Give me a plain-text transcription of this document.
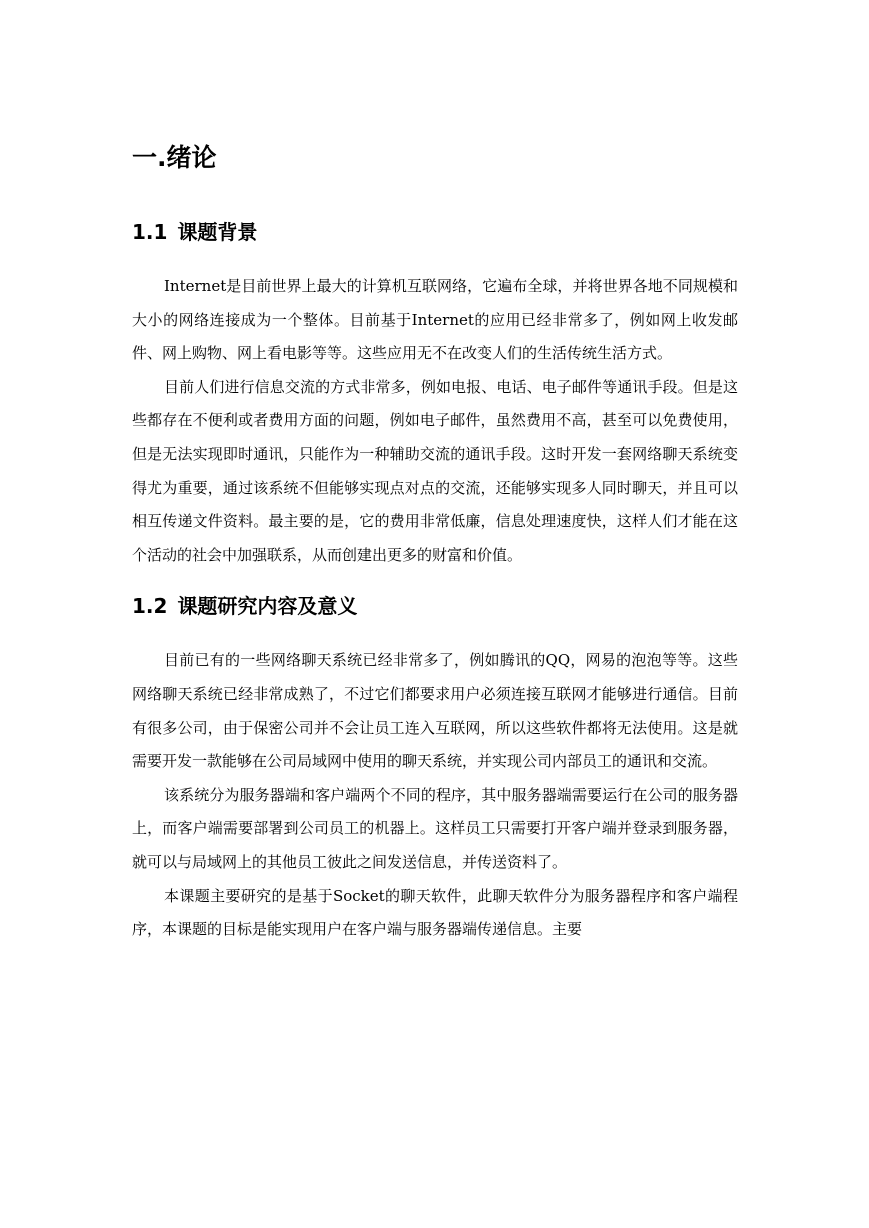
一.绪论
1.1 课题背景

Internet是目前世界上最大的计算机互联网络，它遍布全球，并将世界各地不同规模和大小的网络连接成为一个整体。目前基于Internet的应用已经非常多了，例如网上收发邮件、网上购物、网上看电影等等。这些应用无不在改变人们的生活传统生活方式。

目前人们进行信息交流的方式非常多，例如电报、电话、电子邮件等通讯手段。但是这些都存在不便利或者费用方面的问题，例如电子邮件，虽然费用不高，甚至可以免费使用，但是无法实现即时通讯，只能作为一种辅助交流的通讯手段。这时开发一套网络聊天系统变得尤为重要，通过该系统不但能够实现点对点的交流，还能够实现多人同时聊天，并且可以相互传递文件资料。最主要的是，它的费用非常低廉，信息处理速度快，这样人们才能在这个活动的社会中加强联系，从而创建出更多的财富和价值。

1.2 课题研究内容及意义

目前已有的一些网络聊天系统已经非常多了，例如腾讯的QQ，网易的泡泡等等。这些网络聊天系统已经非常成熟了，不过它们都要求用户必须连接互联网才能够进行通信。目前有很多公司，由于保密公司并不会让员工连入互联网，所以这些软件都将无法使用。这是就需要开发一款能够在公司局域网中使用的聊天系统，并实现公司内部员工的通讯和交流。

该系统分为服务器端和客户端两个不同的程序，其中服务器端需要运行在公司的服务器上，而客户端需要部署到公司员工的机器上。这样员工只需要打开客户端并登录到服务器，就可以与局域网上的其他员工彼此之间发送信息，并传送资料了。

本课题主要研究的是基于Socket的聊天软件，此聊天软件分为服务器程序和客户端程序，本课题的目标是能实现用户在客户端与服务器端传递信息。主要
